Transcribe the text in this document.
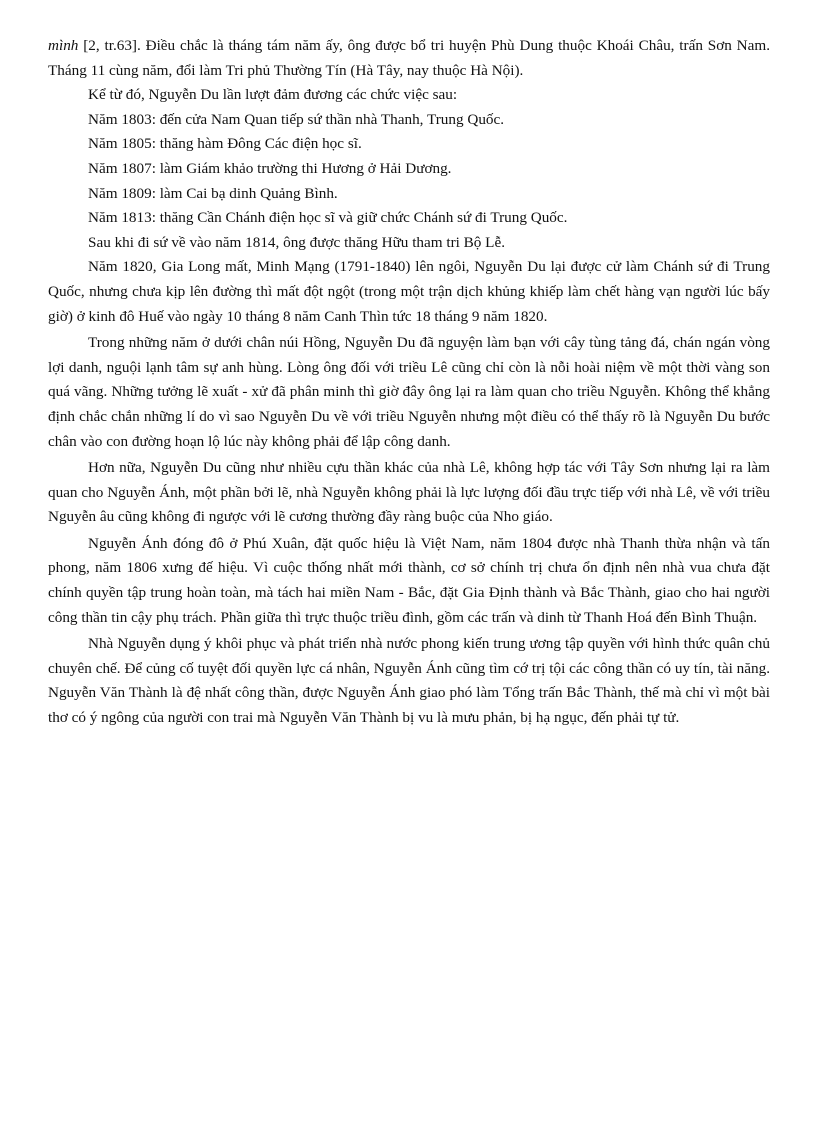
mình [2, tr.63]. Điều chắc là tháng tám năm ấy, ông được bổ tri huyện Phù Dung thuộc Khoái Châu, trấn Sơn Nam. Tháng 11 cùng năm, đổi làm Tri phủ Thường Tín (Hà Tây, nay thuộc Hà Nội).

Kể từ đó, Nguyễn Du lần lượt đảm đương các chức việc sau:

Năm 1803: đến cửa Nam Quan tiếp sứ thần nhà Thanh, Trung Quốc.

Năm 1805: thăng hàm Đông Các điện học sĩ.

Năm 1807: làm Giám khảo trường thi Hương ở Hải Dương.

Năm 1809: làm Cai bạ dinh Quảng Bình.

Năm 1813: thăng Cần Chánh điện học sĩ và giữ chức Chánh sứ đi Trung Quốc.

Sau khi đi sứ về vào năm 1814, ông được thăng Hữu tham tri Bộ Lễ.

Năm 1820, Gia Long mất, Minh Mạng (1791-1840) lên ngôi, Nguyễn Du lại được cử làm Chánh sứ đi Trung Quốc, nhưng chưa kịp lên đường thì mất đột ngột (trong một trận dịch khủng khiếp làm chết hàng vạn người lúc bấy giờ) ở kinh đô Huế vào ngày 10 tháng 8 năm Canh Thìn tức 18 tháng 9 năm 1820.

Trong những năm ở dưới chân núi Hồng, Nguyễn Du đã nguyện làm bạn với cây tùng tảng đá, chán ngán vòng lợi danh, nguội lạnh tâm sự anh hùng. Lòng ông đối với triều Lê cũng chỉ còn là nỗi hoài niệm về một thời vàng son quá vãng. Những tưởng lẽ xuất - xử đã phân minh thì giờ đây ông lại ra làm quan cho triều Nguyễn. Không thể khẳng định chắc chắn những lí do vì sao Nguyễn Du về với triều Nguyễn nhưng một điều có thể thấy rõ là Nguyễn Du bước chân vào con đường hoạn lộ lúc này không phải để lập công danh.

Hơn nữa, Nguyễn Du cũng như nhiều cựu thần khác của nhà Lê, không hợp tác với Tây Sơn nhưng lại ra làm quan cho Nguyễn Ánh, một phần bởi lẽ, nhà Nguyễn không phải là lực lượng đối đầu trực tiếp với nhà Lê, về với triều Nguyễn âu cũng không đi ngược với lẽ cương thường đầy ràng buộc của Nho giáo.

Nguyễn Ánh đóng đô ở Phú Xuân, đặt quốc hiệu là Việt Nam, năm 1804 được nhà Thanh thừa nhận và tấn phong, năm 1806 xưng đế hiệu. Vì cuộc thống nhất mới thành, cơ sở chính trị chưa ổn định nên nhà vua chưa đặt chính quyền tập trung hoàn toàn, mà tách hai miền Nam - Bắc, đặt Gia Định thành và Bắc Thành, giao cho hai người công thần tin cậy phụ trách. Phần giữa thì trực thuộc triều đình, gồm các trấn và dinh từ Thanh Hoá đến Bình Thuận.

Nhà Nguyễn dụng ý khôi phục và phát triển nhà nước phong kiến trung ương tập quyền với hình thức quân chủ chuyên chế. Để củng cố tuyệt đối quyền lực cá nhân, Nguyễn Ánh cũng tìm cớ trị tội các công thần có uy tín, tài năng. Nguyễn Văn Thành là đệ nhất công thần, được Nguyễn Ánh giao phó làm Tổng trấn Bắc Thành, thế mà chỉ vì một bài thơ có ý ngông của người con trai mà Nguyễn Văn Thành bị vu là mưu phản, bị hạ ngục, đến phải tự tử.
